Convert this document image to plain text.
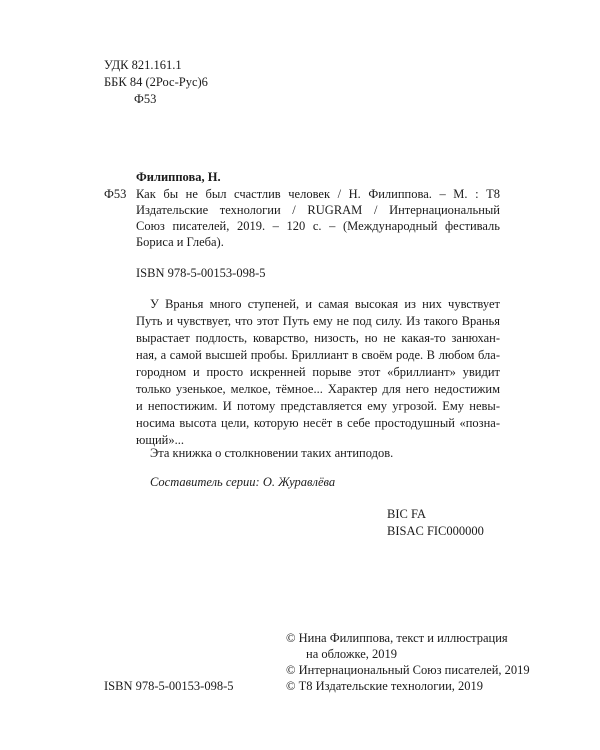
УДК 821.161.1
ББК 84 (2Рос-Рус)6
Ф53
Филиппова, Н.
Ф53 Как бы не был счастлив человек / Н. Филиппова. – М. : Т8
Издательские технологии / RUGRAM / Интернациональный
Союз писателей, 2019. – 120 с. – (Международный фестиваль
Бориса и Глеба).
ISBN 978-5-00153-098-5
У Вранья много ступеней, и самая высокая из них чувствует
Путь и чувствует, что этот Путь ему не под силу. Из такого Вранья
вырастает подлость, коварство, низость, но не какая-то занюхан-
ная, а самой высшей пробы. Бриллиант в своём роде. В любом бла-
городном и просто искренней порыве этот «бриллиант» увидит
только узенькое, мелкое, тёмное... Характер для него недостижим
и непостижим. И потому представляется ему угрозой. Ему невы-
носима высота цели, которую несёт в себе простодушный «позна-
ющий»...
Эта книжка о столкновении таких антиподов.
Составитель серии: О. Журавлёва
BIC FA
BISAC FIC000000
© Нина Филиппова, текст и иллюстрация
на обложке, 2019
© Интернациональный Союз писателей, 2019
© Т8 Издательские технологии, 2019
ISBN 978-5-00153-098-5
